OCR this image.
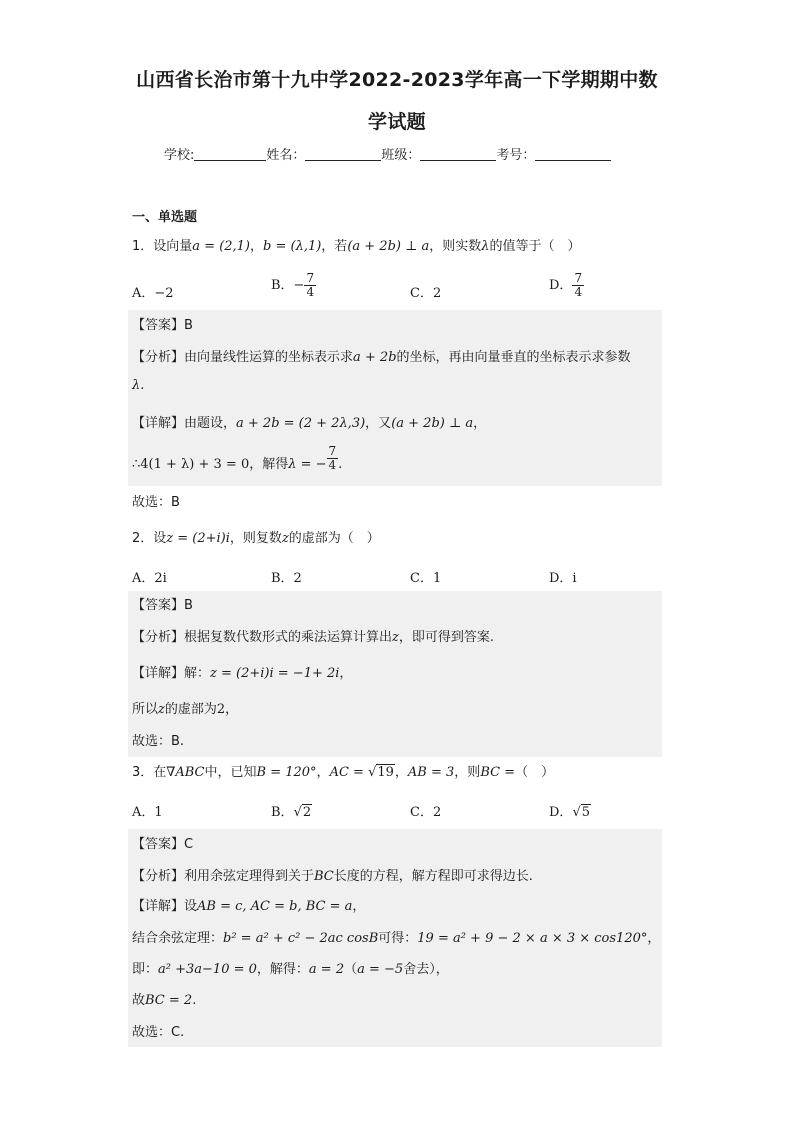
山西省长治市第十九中学2022-2023学年高一下学期期中数
学试题
学校:	姓名：	班级：	考号：
一、单选题
1．设向量a = (2,1)，b = (λ,1)，若(a + 2b) ⊥ a，则实数λ的值等于（　）
A．−2
B．− $\frac{7}{4}$	C．2
D． $\frac{7}{4}$
【答案】B
【分析】由向量线性运算的坐标表示求a + 2b的坐标，再由向量垂直的坐标表示求参数
λ.
【详解】由题设，a + 2b = (2 + 2λ,3)，又(a + 2b) ⊥ a，
∴4(1 + λ) + 3 = 0，解得λ = − $\frac{7}{4}$ .
故选：B
2．设z = (2+i)i，则复数z的虚部为（　）
A．2i	B．2	C．1	D．i
【答案】B
【分析】根据复数代数形式的乘法运算计算出z，即可得到答案.
【详解】解：z = (2+i)i = −1+ 2i，
所以z的虚部为2，
故选：B.
3．在∇ABC中，已知B = 120°，AC = √19，AB = 3，则BC =（　）
A．1	B．√2	C．2	D．√5
【答案】C
【分析】利用余弦定理得到关于BC长度的方程，解方程即可求得边长.
【详解】设AB = c, AC = b, BC = a，
结合余弦定理：b² = a² + c² − 2ac cosB可得：19 = a² + 9 − 2 × a × 3 × cos120°，
即：a² +3a−10 = 0，解得：a = 2（a = −5舍去），
故BC = 2.
故选：C.
